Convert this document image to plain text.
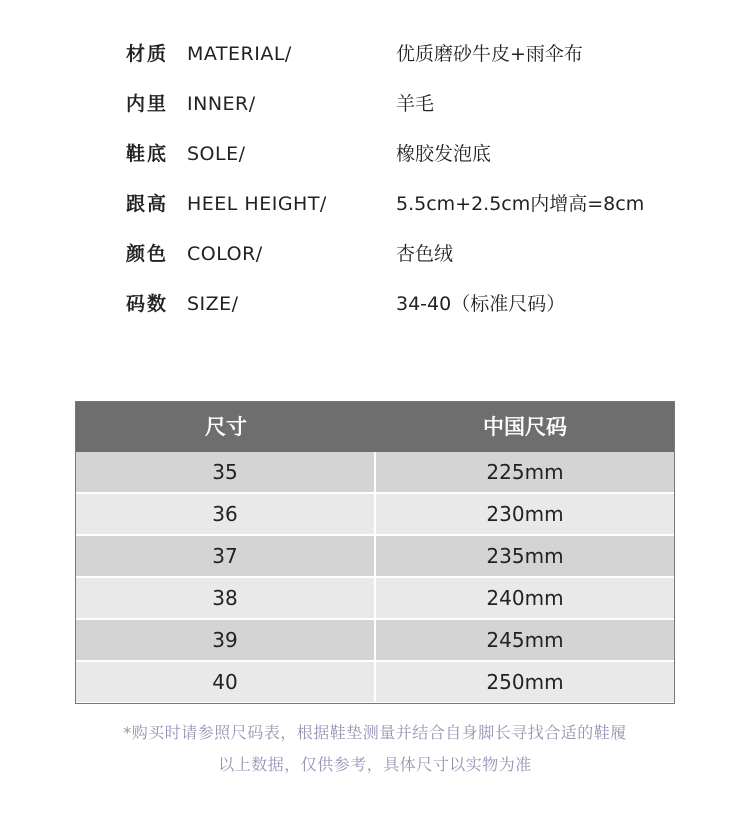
材质 MATERIAL/	优质磨砂牛皮+雨伞布
内里 INNER/	羊毛
鞋底 SOLE/	橡胶发泡底
跟高 HEEL HEIGHT/	5.5cm+2.5cm内增高=8cm
颜色 COLOR/	杏色绒
码数 SIZE/	34-40（标准尺码）
尺寸	中国尺码
35	225mm
36	230mm
37	235mm
38	240mm
39	245mm
40	250mm
*购买时请参照尺码表，根据鞋垫测量并结合自身脚长寻找合适的鞋履
以上数据，仅供参考，具体尺寸以实物为准
